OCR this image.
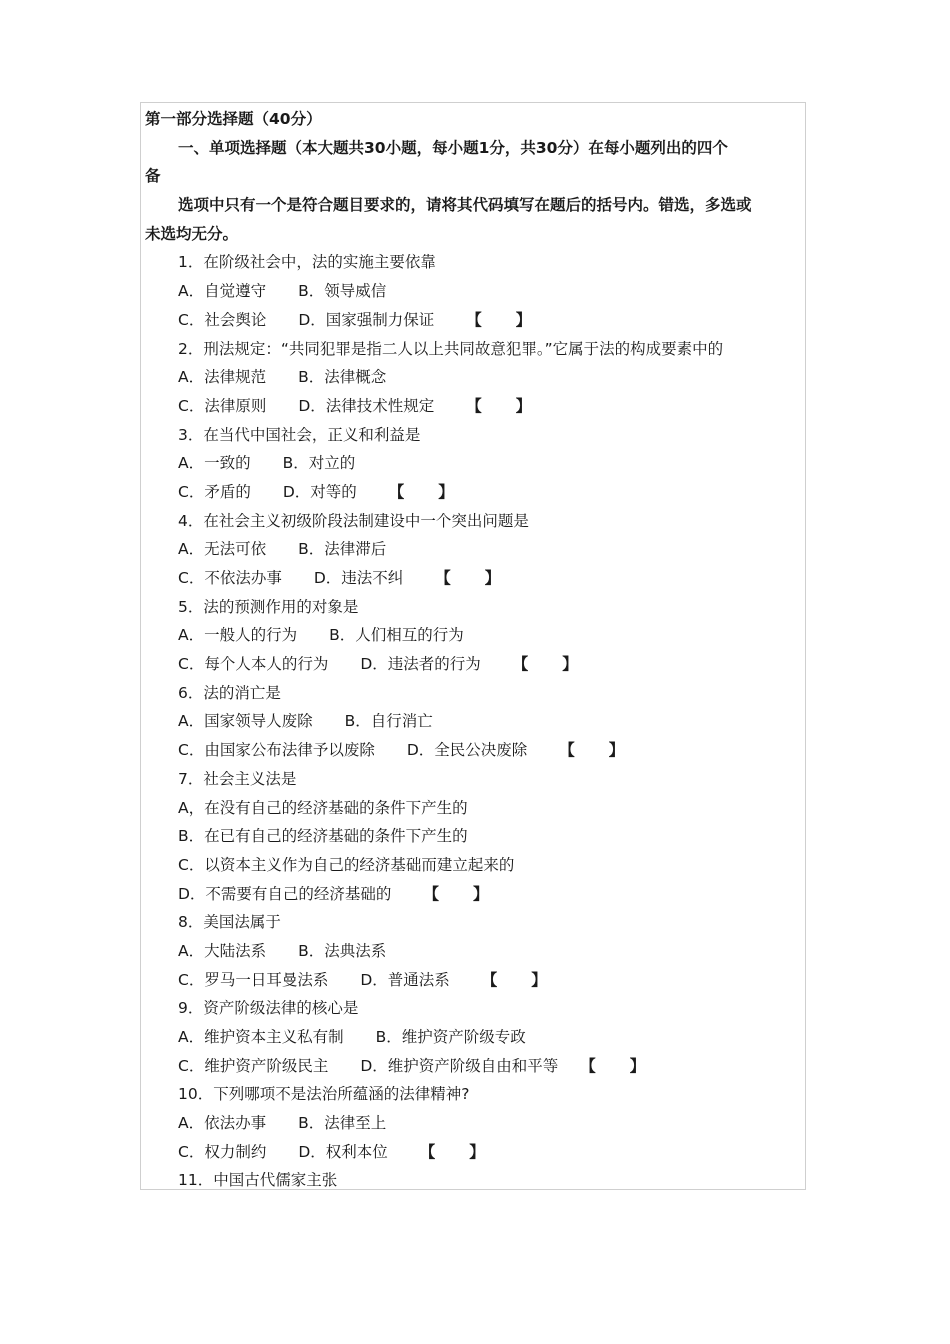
第一部分选择题（40分）
一、单项选择题（本大题共30小题，每小题1分，共30分）在每小题列出的四个
备
选项中只有一个是符合题目要求的，请将其代码填写在题后的括号内。错选，多选或
未选均无分。
1．在阶级社会中，法的实施主要依靠
A．自觉遵守 B．领导威信
C．社会舆论 D．国家强制力保证 【 】
2．刑法规定：“共同犯罪是指二人以上共同故意犯罪。”它属于法的构成要素中的
A．法律规范 B．法律概念
C．法律原则 D．法律技术性规定 【 】
3．在当代中国社会，正义和利益是
A．一致的 B．对立的
C．矛盾的 D．对等的 【 】
4．在社会主义初级阶段法制建设中一个突出问题是
A．无法可依 B．法律滞后
C．不依法办事 D．违法不纠 【 】
5．法的预测作用的对象是
A．一般人的行为 B．人们相互的行为
C．每个人本人的行为 D．违法者的行为 【 】
6．法的消亡是
A．国家领导人废除 B．自行消亡
C．由国家公布法律予以废除 D．全民公决废除 【 】
7．社会主义法是
A，在没有自己的经济基础的条件下产生的
B．在已有自己的经济基础的条件下产生的
C．以资本主义作为自己的经济基础而建立起来的
D．不需要有自己的经济基础的 【 】
8．美国法属于
A．大陆法系 B．法典法系
C．罗马一日耳曼法系 D．普通法系 【 】
9．资产阶级法律的核心是
A．维护资本主义私有制 B．维护资产阶级专政
C．维护资产阶级民主 D．维护资产阶级自由和平等 【 】
10．下列哪项不是法治所蕴涵的法律精神?
A．依法办事 B．法律至上
C．权力制约 D．权利本位 【 】
11．中国古代儒家主张
